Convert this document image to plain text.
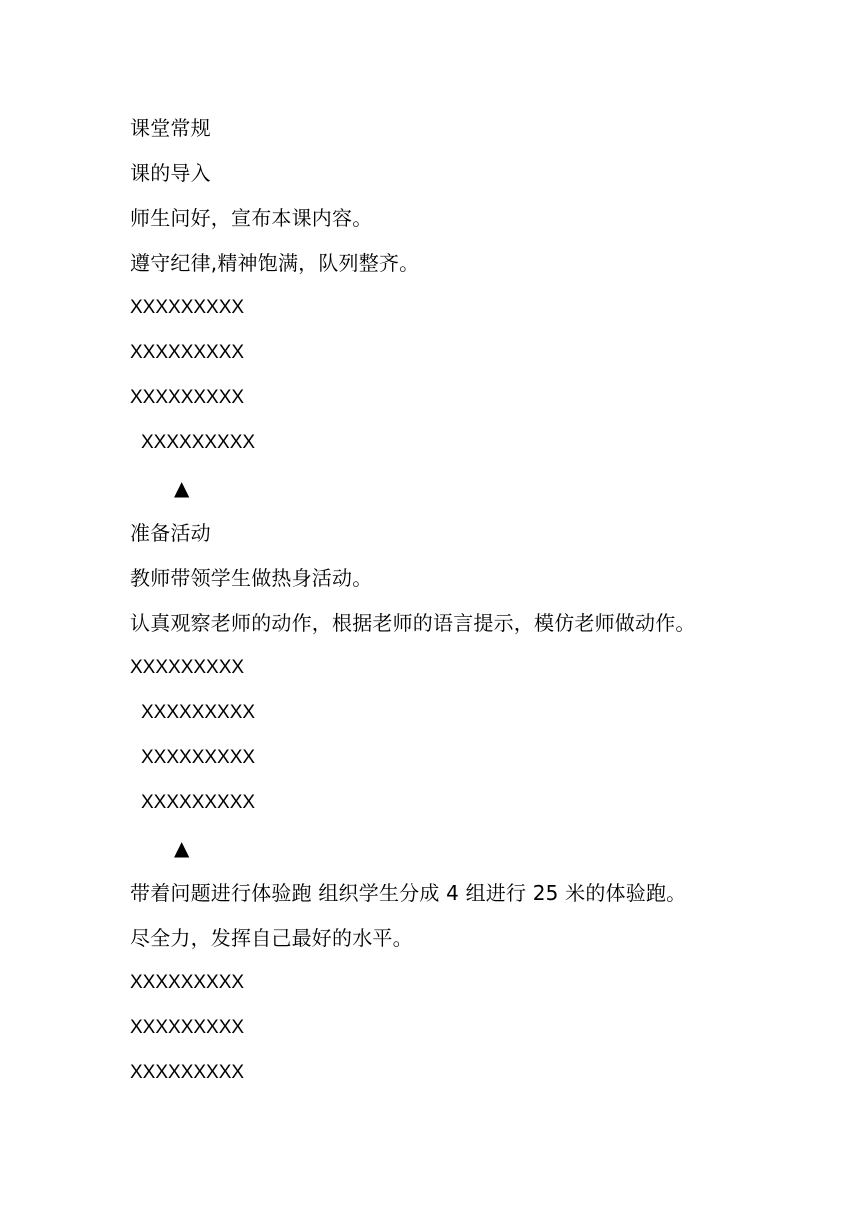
课堂常规
课的导入
师生问好，宣布本课内容。
遵守纪律,精神饱满，队列整齐。
XXXXXXXXX
XXXXXXXXX
XXXXXXXXX
XXXXXXXXX
▲
准备活动
教师带领学生做热身活动。
认真观察老师的动作，根据老师的语言提示，模仿老师做动作。
XXXXXXXXX
XXXXXXXXX
XXXXXXXXX
XXXXXXXXX
▲
带着问题进行体验跑 组织学生分成 4 组进行 25 米的体验跑。
尽全力，发挥自己最好的水平。
XXXXXXXXX
XXXXXXXXX
XXXXXXXXX
